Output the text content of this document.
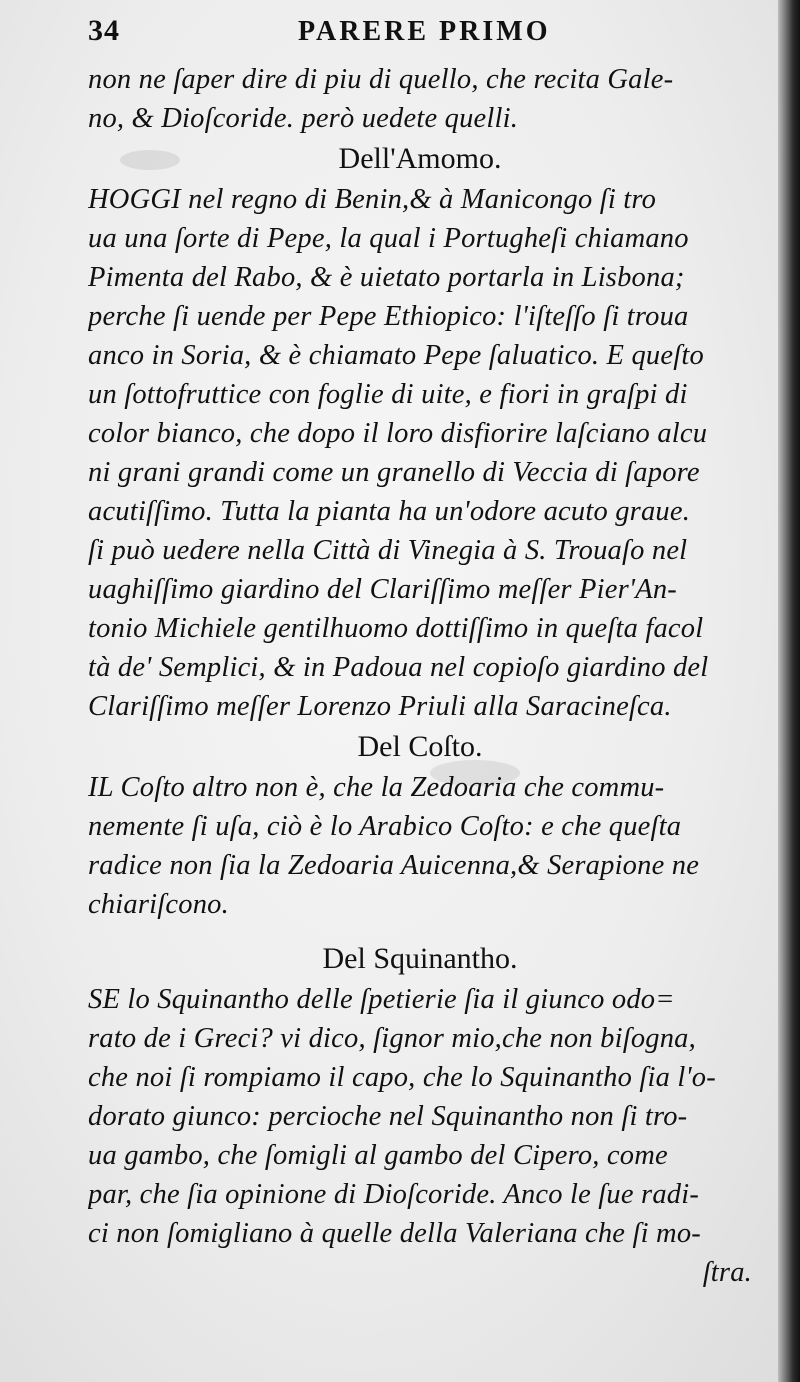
34	PARERE PRIMO
non ne ſaper dire di piu di quello, che recita Gale-
no, & Dioſcoride. però uedete quelli.
Dell'Amomo.
HOGGI nel regno di Benin,& à Manicongo ſi tro
ua una ſorte di Pepe, la qual i Portugheſi chiamano
Pimenta del Rabo, & è uietato portarla in Lisbona;
perche ſi uende per Pepe Ethiopico: l'iſteſſo ſi troua
anco in Soria, & è chiamato Pepe ſaluatico. E queſto
un ſottofruttice con foglie di uite, e fiori in graſpi di
color bianco, che dopo il loro disfiorire laſciano alcu
ni grani grandi come un granello di Veccia di ſapore
acutiſſimo. Tutta la pianta ha un'odore acuto graue.
ſi può uedere nella Città di Vinegia à S. Trouaſo nel
uaghiſſimo giardino del Clariſſimo meſſer Pier'An-
tonio Michiele gentilhuomo dottiſſimo in queſta facol
tà de' Semplici, & in Padoua nel copioſo giardino del
Clariſſimo meſſer Lorenzo Priuli alla Saracineſca.
Del Coſto.
IL Coſto altro non è, che la Zedoaria che commu-
nemente ſi uſa, ciò è lo Arabico Coſto: e che queſta
radice non ſia la Zedoaria Auicenna,& Serapione ne
chiariſcono.
Del Squinantho.
SE lo Squinantho delle ſpetierie ſia il giunco odo=
rato de i Greci? vi dico, ſignor mio,che non biſogna,
che noi ſi rompiamo il capo, che lo Squinantho ſia l'o-
dorato giunco: percioche nel Squinantho non ſi tro-
ua gambo, che ſomigli al gambo del Cipero, come
par, che ſia opinione di Dioſcoride. Anco le ſue radi-
ci non ſomigliano à quelle della Valeriana che ſi mo-
ſtra.
